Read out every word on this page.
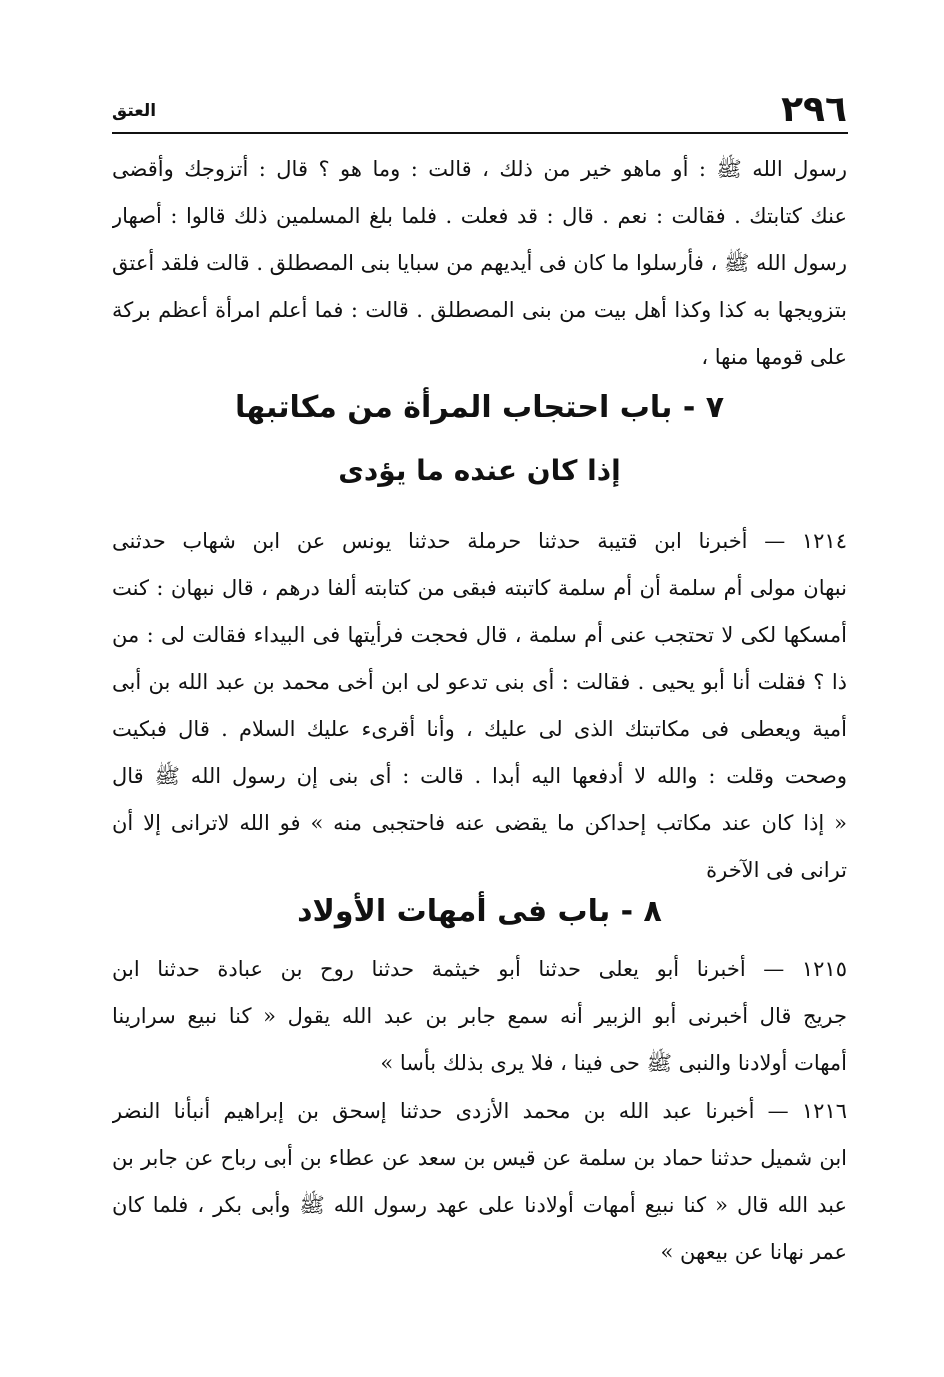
٢٩٦
العتق
رسول الله ﷺ : أو ماهو خير من ذلك ، قالت : وما هو ؟ قال : أتزوجك وأقضى
عنك كتابتك . فقالت : نعم . قال : قد فعلت . فلما بلغ المسلمين ذلك قالوا : أصهار
رسول الله ﷺ ، فأرسلوا ما كان فى أيديهم من سبايا بنى المصطلق . قالت فلقد أعتق
بتزويجها به كذا وكذا أهل بيت من بنى المصطلق . قالت : فما أعلم امرأة أعظم بركة
على قومها منها ،
٧ - باب احتجاب المرأة من مكاتبها
إذا كان عنده ما يؤدى
١٢١٤ — أخبرنا ابن قتيبة حدثنا حرملة حدثنا يونس عن ابن شهاب حدثنى
نبهان مولى أم سلمة أن أم سلمة كاتبته فبقى من كتابته ألفا درهم ، قال نبهان : كنت
أمسكها لكى لا تحتجب عنى أم سلمة ، قال فحجت فرأيتها فى البيداء فقالت لى : من
ذا ؟ فقلت أنا أبو يحيى . فقالت : أى بنى تدعو لى ابن أخى محمد بن عبد الله بن أبى
أمية ويعطى فى مكاتبتك الذى لى عليك ، وأنا أقرىء عليك السلام . قال فبكيت
وصحت وقلت : والله لا أدفعها اليه أبدا . قالت : أى بنى إن رسول الله ﷺ قال
« إذا كان عند مكاتب إحداكن ما يقضى عنه فاحتجبى منه » فو الله لاترانى إلا أن
ترانى فى الآخرة
٨ - باب فى أمهات الأولاد
١٢١٥ — أخبرنا أبو يعلى حدثنا أبو خيثمة حدثنا روح بن عبادة حدثنا ابن
جريج قال أخبرنى أبو الزبير أنه سمع جابر بن عبد الله يقول « كنا نبيع سرارينا
أمهات أولادنا والنبى ﷺ حى فينا ، فلا يرى بذلك بأسا »
١٢١٦ — أخبرنا عبد الله بن محمد الأزدى حدثنا إسحق بن إبراهيم أنبأنا النضر
ابن شميل حدثنا حماد بن سلمة عن قيس بن سعد عن عطاء بن أبى رباح عن جابر بن
عبد الله قال « كنا نبيع أمهات أولادنا على عهد رسول الله ﷺ وأبى بكر ، فلما كان
عمر نهانا عن بيعهن »
